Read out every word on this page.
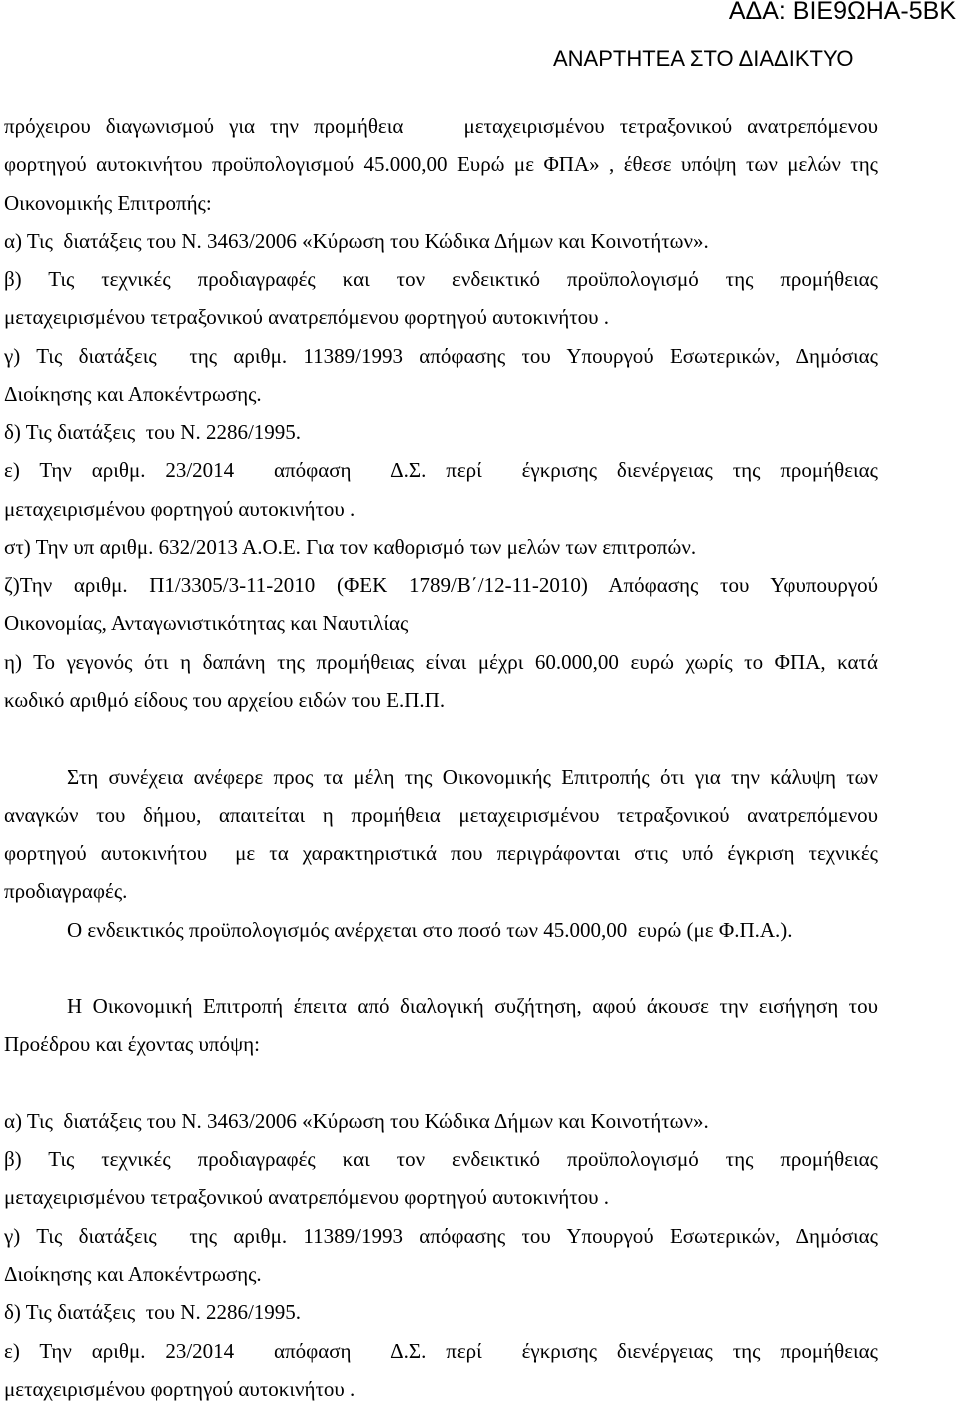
ΑΔΑ: ΒΙΕ9ΩΗΑ-5ΒΚ
ΑΝΑΡΤΗΤΕΑ ΣΤΟ ΔΙΑΔΙΚΤΥΟ
πρόχειρου διαγωνισμού για την προμήθεια    μεταχειρισμένου τετραξονικού ανατρεπόμενου
φορτηγού αυτοκινήτου προϋπολογισμού 45.000,00 Ευρώ με ΦΠΑ» , έθεσε υπόψη των μελών της
Οικονομικής Επιτροπής:
α) Τις  διατάξεις του Ν. 3463/2006 «Κύρωση του Κώδικα Δήμων και Κοινοτήτων».
β) Τις τεχνικές προδιαγραφές και τον ενδεικτικό προϋπολογισμό της προμήθειας
μεταχειρισμένου τετραξονικού ανατρεπόμενου φορτηγού αυτοκινήτου .
γ) Τις διατάξεις  της αριθμ. 11389/1993 απόφασης του Υπουργού Εσωτερικών, Δημόσιας
Διοίκησης και Αποκέντρωσης.
δ) Τις διατάξεις  του Ν. 2286/1995.
ε) Την αριθμ. 23/2014  απόφαση  Δ.Σ. περί  έγκρισης διενέργειας της προμήθειας
μεταχειρισμένου φορτηγού αυτοκινήτου .
στ) Την υπ αριθμ. 632/2013 Α.Ο.Ε. Για τον καθορισμό των μελών των επιτροπών.
ζ)Την αριθμ. Π1/3305/3-11-2010 (ΦΕΚ 1789/Β΄/12-11-2010) Απόφασης του Υφυπουργού
Οικονομίας, Ανταγωνιστικότητας και Ναυτιλίας
η) Το γεγονός ότι η δαπάνη της προμήθειας είναι μέχρι 60.000,00 ευρώ χωρίς το ΦΠΑ, κατά
κωδικό αριθμό είδους του αρχείου ειδών του Ε.Π.Π.
Στη συνέχεια ανέφερε προς τα μέλη της Οικονομικής Επιτροπής ότι για την κάλυψη των
αναγκών του δήμου, απαιτείται η προμήθεια μεταχειρισμένου τετραξονικού ανατρεπόμενου
φορτηγού αυτοκινήτου  με τα χαρακτηριστικά που περιγράφονται στις υπό έγκριση τεχνικές
προδιαγραφές.
Ο ενδεικτικός προϋπολογισμός ανέρχεται στο ποσό των 45.000,00  ευρώ (με Φ.Π.Α.).
Η Οικονομική Επιτροπή έπειτα από διαλογική συζήτηση, αφού άκουσε την εισήγηση του
Προέδρου και έχοντας υπόψη:
α) Τις  διατάξεις του Ν. 3463/2006 «Κύρωση του Κώδικα Δήμων και Κοινοτήτων».
β) Τις τεχνικές προδιαγραφές και τον ενδεικτικό προϋπολογισμό της προμήθειας
μεταχειρισμένου τετραξονικού ανατρεπόμενου φορτηγού αυτοκινήτου .
γ) Τις διατάξεις  της αριθμ. 11389/1993 απόφασης του Υπουργού Εσωτερικών, Δημόσιας
Διοίκησης και Αποκέντρωσης.
δ) Τις διατάξεις  του Ν. 2286/1995.
ε) Την αριθμ. 23/2014  απόφαση  Δ.Σ. περί  έγκρισης διενέργειας της προμήθειας
μεταχειρισμένου φορτηγού αυτοκινήτου .
